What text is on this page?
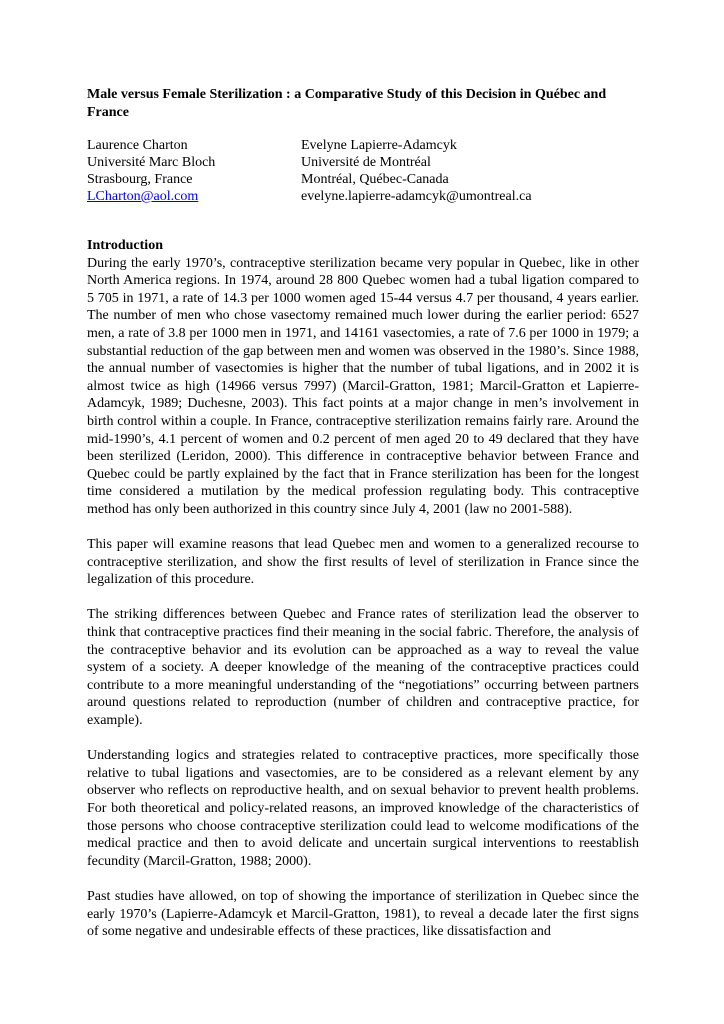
Male versus Female Sterilization : a Comparative Study of this Decision in Québec and France
Laurence Charton
Université Marc Bloch
Strasbourg, France
LCharton@aol.com
Evelyne Lapierre-Adamcyk
Université de Montréal
Montréal, Québec-Canada
evelyne.lapierre-adamcyk@umontreal.ca
Introduction

During the early 1970’s, contraceptive sterilization became very popular in Quebec, like in other North America regions. In 1974, around 28 800 Quebec women had a tubal ligation compared to 5 705 in 1971, a rate of 14.3 per 1000 women aged 15-44 versus 4.7 per thousand, 4 years earlier. The number of men who chose vasectomy remained much lower during the earlier period: 6527 men, a rate of 3.8 per 1000 men in 1971, and 14161 vasectomies, a rate of 7.6 per 1000 in 1979; a substantial reduction of the gap between men and women was observed in the 1980’s. Since 1988, the annual number of vasectomies is higher that the number of tubal ligations, and in 2002 it is almost twice as high (14966 versus 7997) (Marcil-Gratton, 1981; Marcil-Gratton et Lapierre-Adamcyk, 1989; Duchesne, 2003). This fact points at a major change in men’s involvement in birth control within a couple. In France, contraceptive sterilization remains fairly rare. Around the mid-1990’s, 4.1 percent of women and 0.2 percent of men aged 20 to 49 declared that they have been sterilized (Leridon, 2000). This difference in contraceptive behavior between France and Quebec could be partly explained by the fact that in France sterilization has been for the longest time considered a mutilation by the medical profession regulating body. This contraceptive method has only been authorized in this country since July 4, 2001 (law no 2001-588).

This paper will examine reasons that lead Quebec men and women to a generalized recourse to contraceptive sterilization, and show the first results of level of sterilization in France since the legalization of this procedure.

The striking differences between Quebec and France rates of sterilization lead the observer to think that contraceptive practices find their meaning in the social fabric. Therefore, the analysis of the contraceptive behavior and its evolution can be approached as a way to reveal the value system of a society. A deeper knowledge of the meaning of the contraceptive practices could contribute to a more meaningful understanding of the “negotiations” occurring between partners around questions related to reproduction (number of children and contraceptive practice, for example).

Understanding logics and strategies related to contraceptive practices, more specifically those relative to tubal ligations and vasectomies, are to be considered as a relevant element by any observer who reflects on reproductive health, and on sexual behavior to prevent health problems. For both theoretical and policy-related reasons, an improved knowledge of the characteristics of those persons who choose contraceptive sterilization could lead to welcome modifications of the medical practice and then to avoid delicate and uncertain surgical interventions to reestablish fecundity (Marcil-Gratton, 1988; 2000).

Past studies have allowed, on top of showing the importance of sterilization in Quebec since the early 1970’s (Lapierre-Adamcyk et Marcil-Gratton, 1981), to reveal a decade later the first signs of some negative and undesirable effects of these practices, like dissatisfaction and
